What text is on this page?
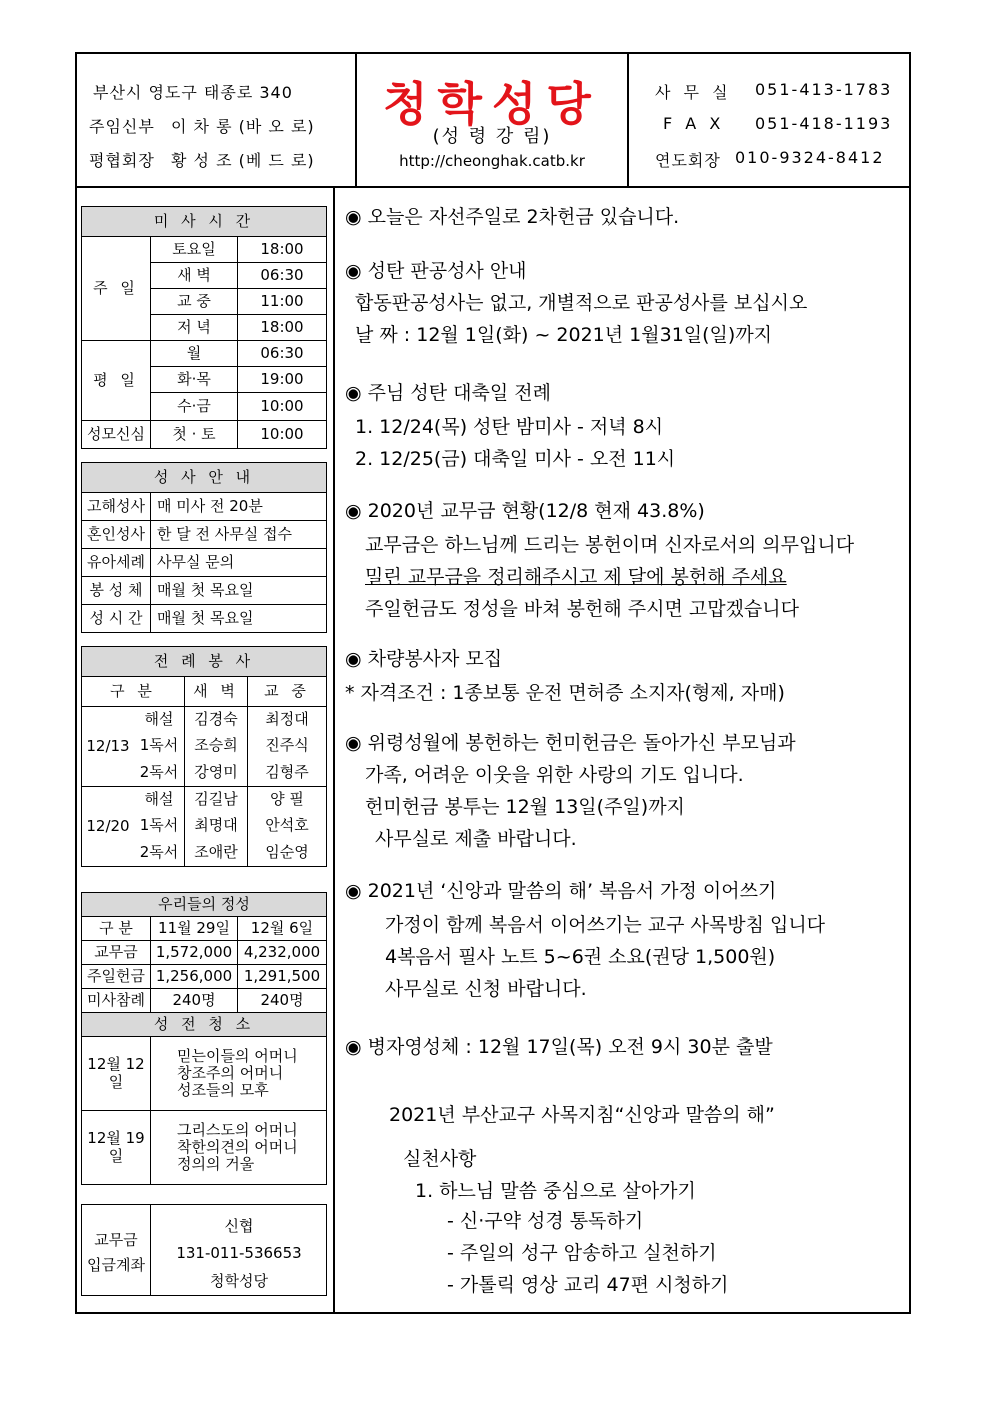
부산시 영도구 태종로 340
주임신부 이 차 롱 (바 오 로)
평협회장 황 성 조 (베 드 로)
청학성당
(성 령 강 림)
http://cheonghak.catb.kr
사 무 실 051-413-1783
F A X 051-418-1193
연도회장 010-9324-8412
미 사 시 간		
주 일	토요일	18:00
	새 벽	06:30
	교 중	11:00
	저 녁	18:00
평 일	월	06:30
	화·목	19:00
	수·금	10:00
성모신심	첫 · 토	10:00
성 사 안 내	
고해성사	매 미사 전 20분
혼인성사	한 달 전 사무실 접수
유아세례	사무실 문의
봉 성 체	매월 첫 목요일
성 시 간	매월 첫 목요일
전 례 봉 사			
구 분		새 벽	교 중
12/13	해설	김경숙	최정대
	1독서	조승희	진주식
	2독서	강영미	김형주
12/20	해설	김길남	양 필
	1독서	최명대	안석호
	2독서	조애란	임순영
우리들의 정성		
구 분	11월 29일	12월 6일
교무금	1,572,000	4,232,000
주일헌금	1,256,000	1,291,500
미사참례	240명	240명
성 전 청 소		
12월 12일	믿는이들의 어머니
창조주의 어머니
성조들의 모후	

12월 19일	그리스도의 어머니
착한의견의 어머니
정의의 거울	
교무금
입금계좌
신협
131-011-536653
청학성당
◉ 오늘은 자선주일로 2차헌금 있습니다.
◉ 성탄 판공성사 안내
합동판공성사는 없고, 개별적으로 판공성사를 보십시오
날 짜 : 12월 1일(화) ~ 2021년 1월31일(일)까지
◉ 주님 성탄 대축일 전례
1. 12/24(목) 성탄 밤미사 - 저녁 8시
2. 12/25(금) 대축일 미사 - 오전 11시
◉ 2020년 교무금 현황(12/8 현재 43.8%)
교무금은 하느님께 드리는 봉헌이며 신자로서의 의무입니다
밀린 교무금을 정리해주시고 제 달에 봉헌해 주세요
주일헌금도 정성을 바쳐 봉헌해 주시면 고맙겠습니다
◉ 차량봉사자 모집
* 자격조건 : 1종보통 운전 면허증 소지자(형제, 자매)
◉ 위령성월에 봉헌하는 헌미헌금은 돌아가신 부모님과
가족, 어려운 이웃을 위한 사랑의 기도 입니다.
헌미헌금 봉투는 12월 13일(주일)까지
사무실로 제출 바랍니다.
◉ 2021년 ‘신앙과 말씀의 해’ 복음서 가정 이어쓰기
가정이 함께 복음서 이어쓰기는 교구 사목방침 입니다
4복음서 필사 노트 5~6권 소요(권당 1,500원)
사무실로 신청 바랍니다.
◉ 병자영성체 : 12월 17일(목) 오전 9시 30분 출발
2021년 부산교구 사목지침“신앙과 말씀의 해”
실천사항
1. 하느님 말씀 중심으로 살아가기
- 신·구약 성경 통독하기
- 주일의 성구 암송하고 실천하기
- 가톨릭 영상 교리 47편 시청하기
